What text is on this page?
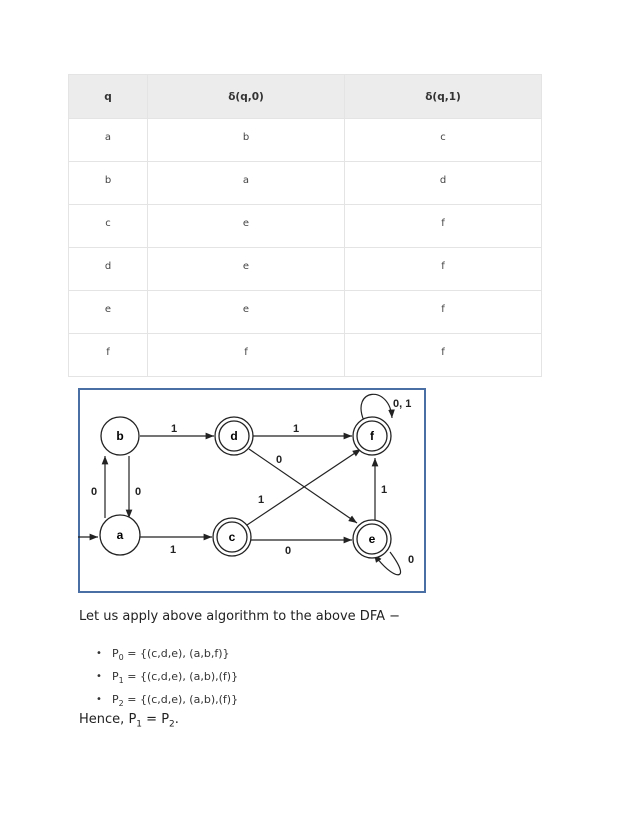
q	δ(q,0)	δ(q,1)
a	b	c
b	a	d
c	e	f
d	e	f
e	e	f
f	f	f
b	d	f
a	c	e
1	1
0
0	0
1	0
1
1
0, 1
0

Let us apply above algorithm to the above DFA −

• $P_0 = \{(c,d,e)$, (a,b,f)}
• $P_1 = \{(c,d,e)$, (a,b),(f)}
• $P_2 = \{(c,d,e)$, (a,b),(f)}

Hence, $P_1 = P_2$.
